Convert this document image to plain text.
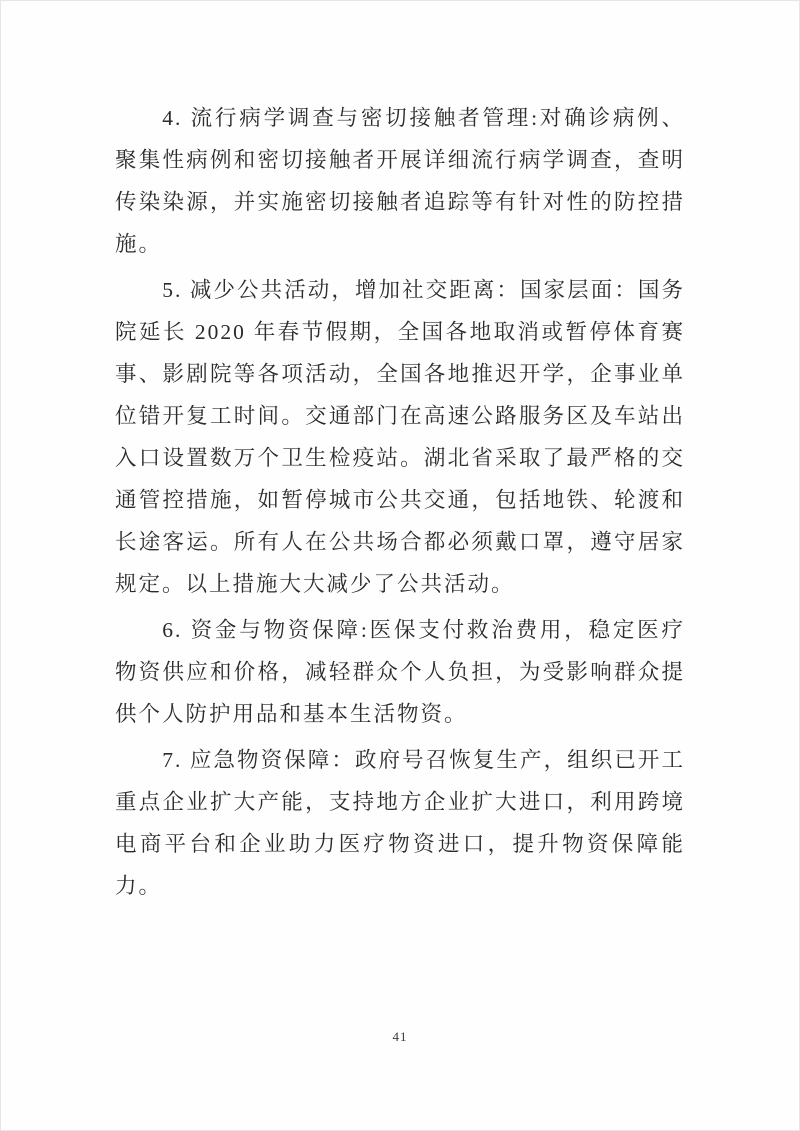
4. 流行病学调查与密切接触者管理:对确诊病例、聚集性病例和密切接触者开展详细流行病学调查，查明传染染源，并实施密切接触者追踪等有针对性的防控措施。

5. 减少公共活动，增加社交距离：国家层面：国务院延长 2020 年春节假期，全国各地取消或暂停体育赛事、影剧院等各项活动，全国各地推迟开学，企事业单位错开复工时间。交通部门在高速公路服务区及车站出入口设置数万个卫生检疫站。湖北省采取了最严格的交通管控措施，如暂停城市公共交通，包括地铁、轮渡和长途客运。所有人在公共场合都必须戴口罩，遵守居家规定。以上措施大大减少了公共活动。

6. 资金与物资保障:医保支付救治费用，稳定医疗物资供应和价格，减轻群众个人负担，为受影响群众提供个人防护用品和基本生活物资。

7. 应急物资保障：政府号召恢复生产，组织已开工重点企业扩大产能，支持地方企业扩大进口，利用跨境电商平台和企业助力医疗物资进口，提升物资保障能力。

41
